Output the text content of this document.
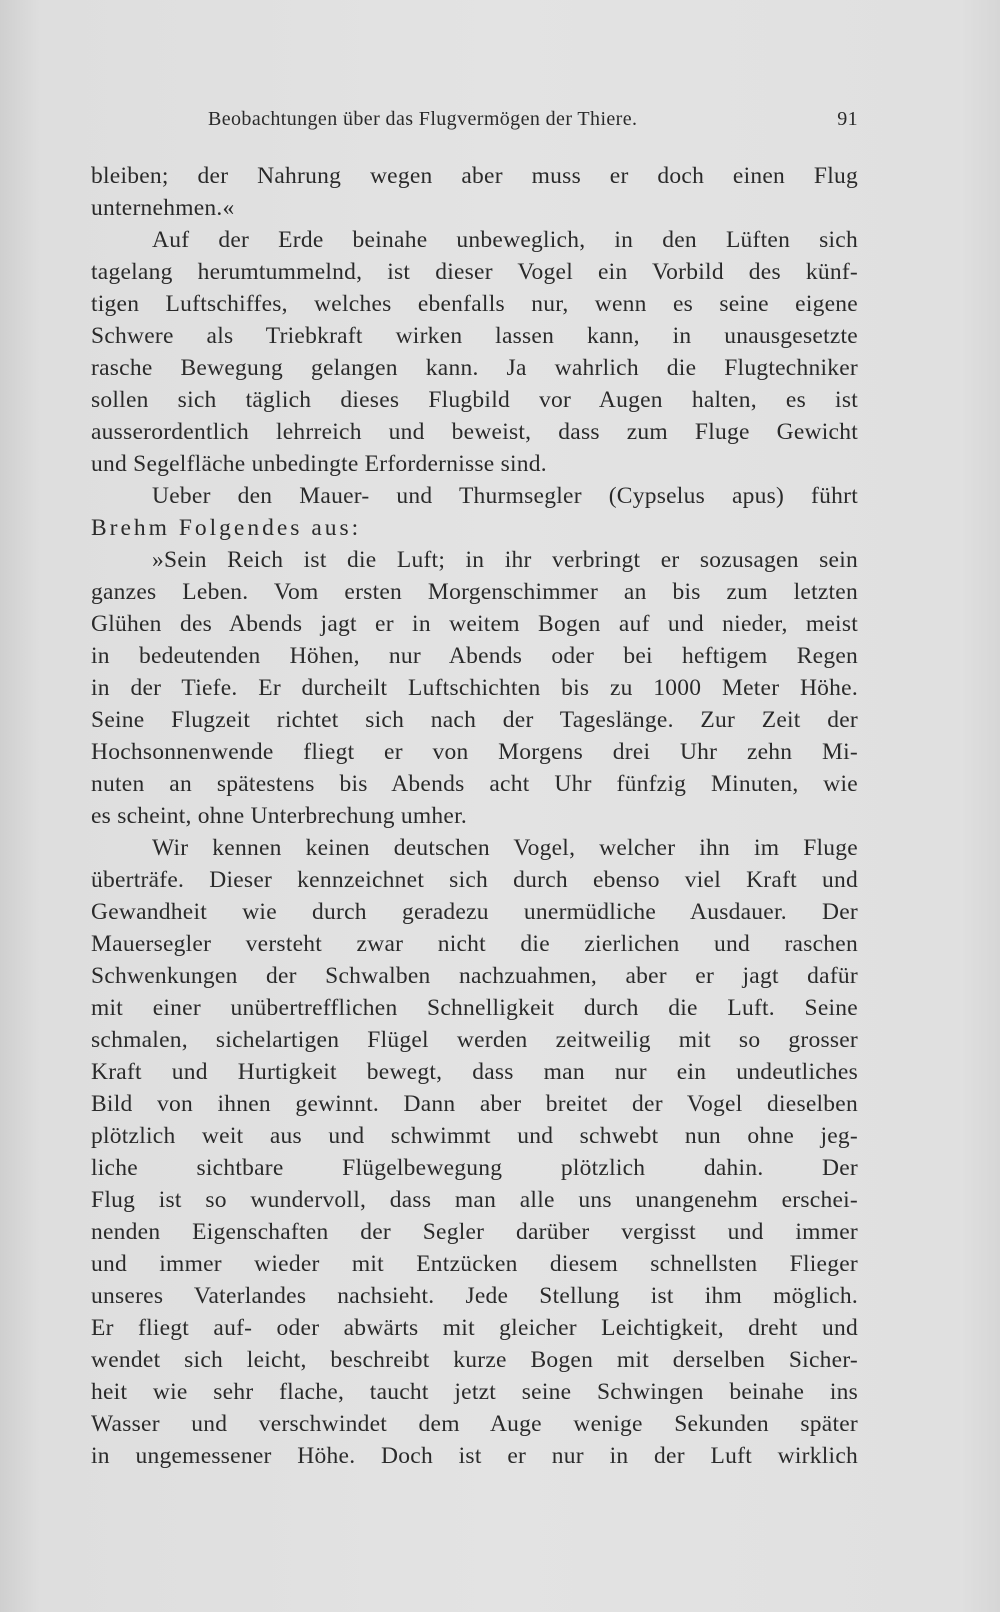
Beobachtungen über das Flugvermögen der Thiere.	91
bleiben; der Nahrung wegen aber muss er doch einen Flug
unternehmen.«
Auf der Erde beinahe unbeweglich, in den Lüften sich
tagelang herumtummelnd, ist dieser Vogel ein Vorbild des künf-
tigen Luftschiffes, welches ebenfalls nur, wenn es seine eigene
Schwere als Triebkraft wirken lassen kann, in unausgesetzte
rasche Bewegung gelangen kann. Ja wahrlich die Flugtechniker
sollen sich täglich dieses Flugbild vor Augen halten, es ist
ausserordentlich lehrreich und beweist, dass zum Fluge Gewicht
und Segelfläche unbedingte Erfordernisse sind.
Ueber den Mauer- und Thurmsegler (Cypselus apus) führt
Brehm Folgendes aus:
»Sein Reich ist die Luft; in ihr verbringt er sozusagen sein
ganzes Leben. Vom ersten Morgenschimmer an bis zum letzten
Glühen des Abends jagt er in weitem Bogen auf und nieder, meist
in bedeutenden Höhen, nur Abends oder bei heftigem Regen
in der Tiefe. Er durcheilt Luftschichten bis zu 1000 Meter Höhe.
Seine Flugzeit richtet sich nach der Tageslänge. Zur Zeit der
Hochsonnenwende fliegt er von Morgens drei Uhr zehn Mi-
nuten an spätestens bis Abends acht Uhr fünfzig Minuten, wie
es scheint, ohne Unterbrechung umher.
Wir kennen keinen deutschen Vogel, welcher ihn im Fluge
überträfe. Dieser kennzeichnet sich durch ebenso viel Kraft und
Gewandheit wie durch geradezu unermüdliche Ausdauer. Der
Mauersegler versteht zwar nicht die zierlichen und raschen
Schwenkungen der Schwalben nachzuahmen, aber er jagt dafür
mit einer unübertrefflichen Schnelligkeit durch die Luft. Seine
schmalen, sichelartigen Flügel werden zeitweilig mit so grosser
Kraft und Hurtigkeit bewegt, dass man nur ein undeutliches
Bild von ihnen gewinnt. Dann aber breitet der Vogel dieselben
plötzlich weit aus und schwimmt und schwebt nun ohne jeg-
liche sichtbare Flügelbewegung plötzlich dahin. Der
Flug ist so wundervoll, dass man alle uns unangenehm erschei-
nenden Eigenschaften der Segler darüber vergisst und immer
und immer wieder mit Entzücken diesem schnellsten Flieger
unseres Vaterlandes nachsieht. Jede Stellung ist ihm möglich.
Er fliegt auf- oder abwärts mit gleicher Leichtigkeit, dreht und
wendet sich leicht, beschreibt kurze Bogen mit derselben Sicher-
heit wie sehr flache, taucht jetzt seine Schwingen beinahe ins
Wasser und verschwindet dem Auge wenige Sekunden später
in ungemessener Höhe. Doch ist er nur in der Luft wirklich
